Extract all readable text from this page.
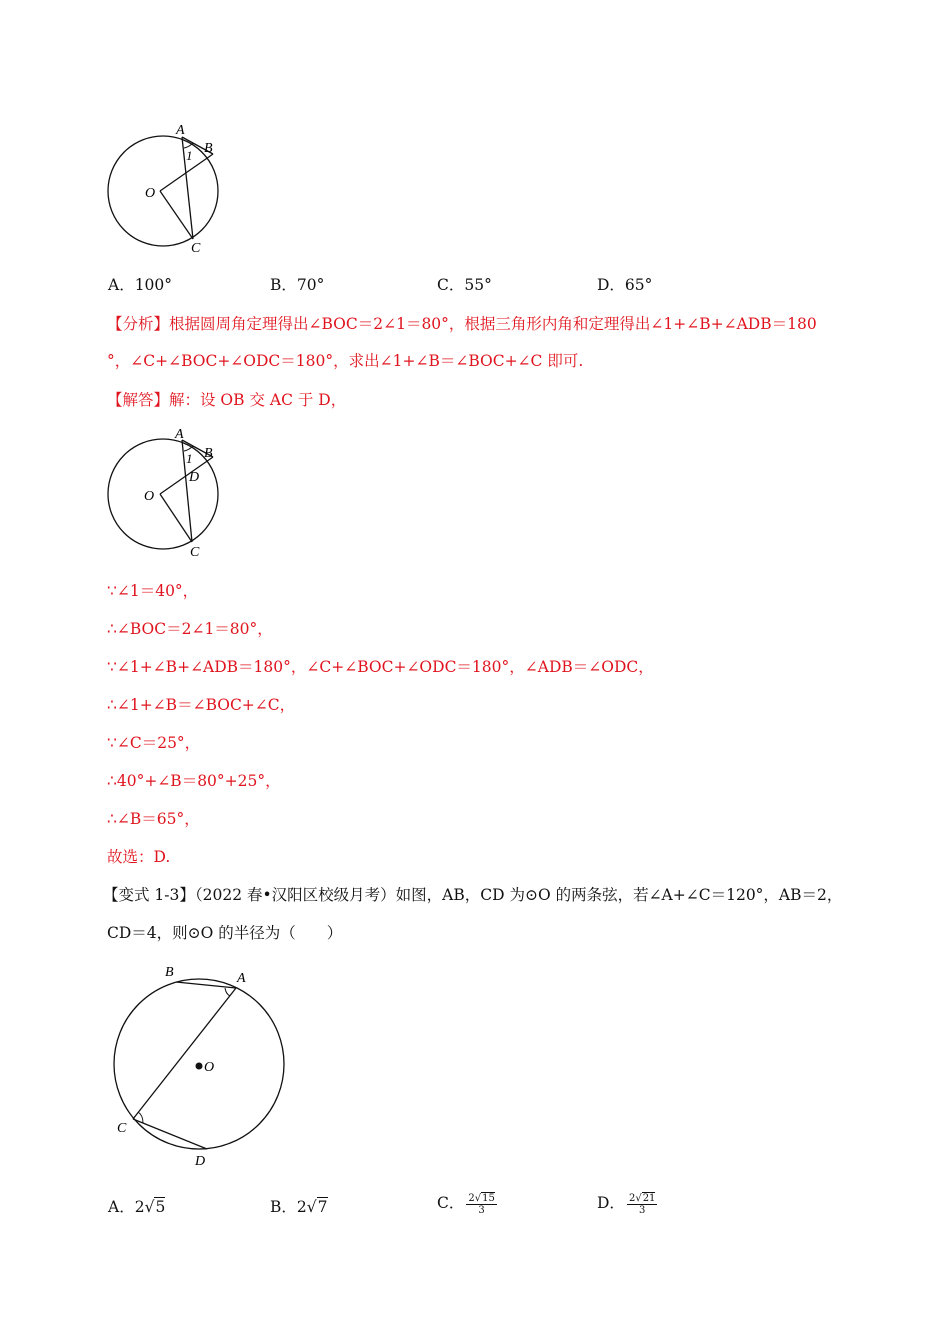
A
B
O
C
1
A．100°	B．70°	C．55°	D．65°
【分析】根据圆周角定理得出∠BOC＝2∠1＝80°，根据三角形内角和定理得出∠1+∠B+∠ADB＝180
°，∠C+∠BOC+∠ODC＝180°，求出∠1+∠B＝∠BOC+∠C 即可.
【解答】解：设 OB 交 AC 于 D，
A
B
D
O
C
1
∵∠1＝40°，
∴∠BOC＝2∠1＝80°，
∵∠1+∠B+∠ADB＝180°，∠C+∠BOC+∠ODC＝180°，∠ADB＝∠ODC，
∴∠1+∠B＝∠BOC+∠C，
∵∠C＝25°，
∴40°+∠B＝80°+25°，
∴∠B＝65°，
故选：D.
【变式 1-3】（2022 春•汉阳区校级月考）如图，AB，CD 为⊙O 的两条弦，若∠A+∠C＝120°，AB＝2，
CD＝4，则⊙O 的半径为（　　）
B	A
O
C
D
A．2√5	B．2√7	C． $\frac{2√15}{3}$	D． $\frac{2√21}{3}$
